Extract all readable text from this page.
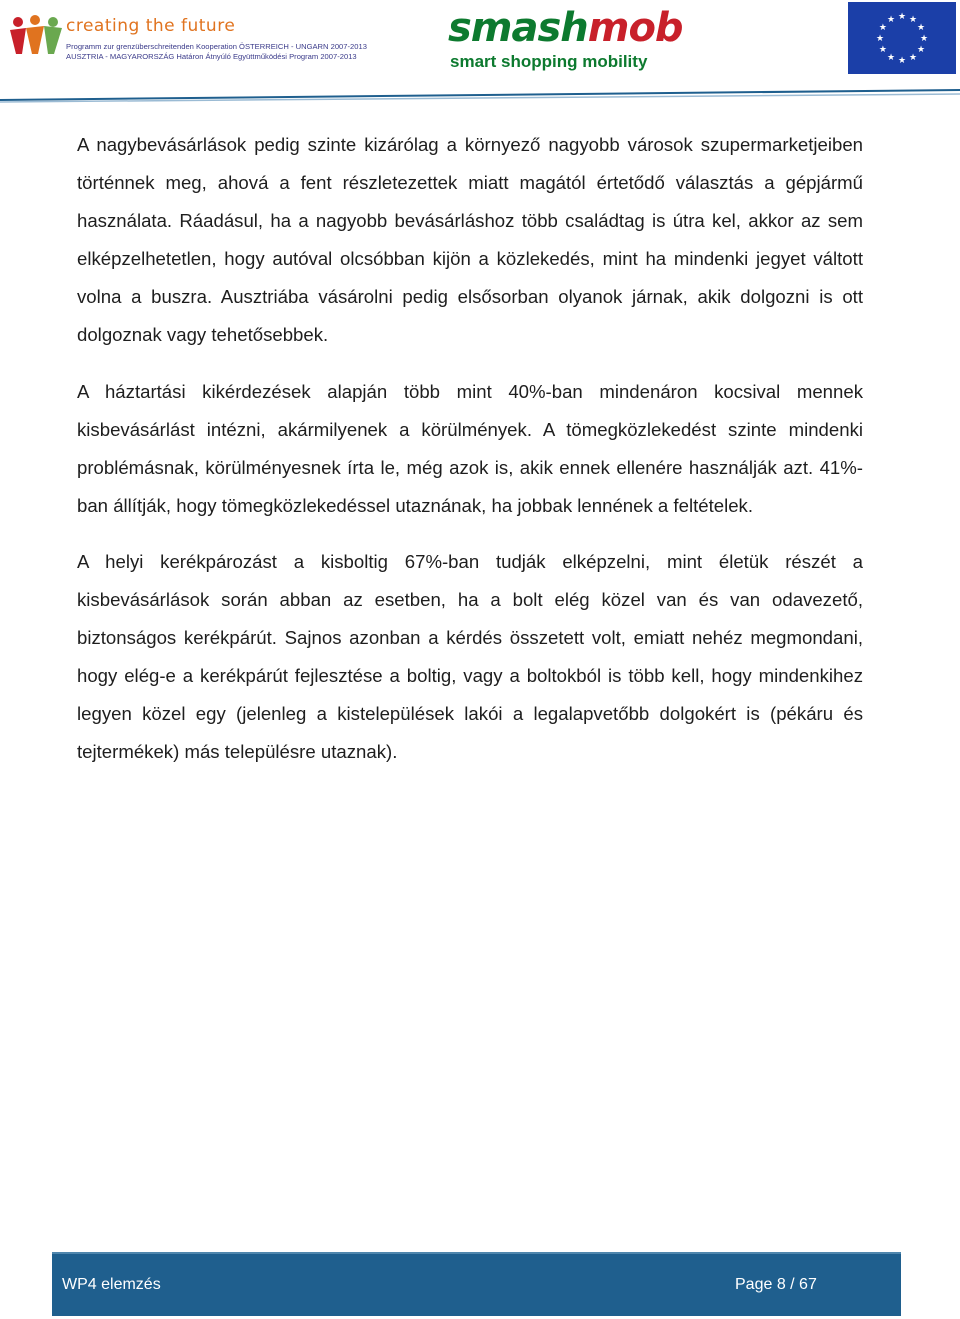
creating the future
Programm zur grenzüberschreitenden Kooperation ÖSTERREICH - UNGARN 2007-2013
AUSZTRIA - MAGYARORSZÁG Határon Átnyúló Együttműködési Program 2007-2013
smashmob
smart shopping mobility
★ ★
★
★
★
★
★
★
★
★
★
★

A nagybevásárlások pedig szinte kizárólag a környező nagyobb városok szupermarketjeiben történnek meg, ahová a fent részletezettek miatt magától értetődő választás a gépjármű használata. Ráadásul, ha a nagyobb bevásárláshoz több családtag is útra kel, akkor az sem elképzelhetetlen, hogy autóval olcsóbban kijön a közlekedés, mint ha mindenki jegyet váltott volna a buszra. Ausztriába vásárolni pedig elsősorban olyanok járnak, akik dolgozni is ott dolgoznak vagy tehetősebbek.

A háztartási kikérdezések alapján több mint 40%-ban mindenáron kocsival mennek kisbevásárlást intézni, akármilyenek a körülmények. A tömegközlekedést szinte mindenki problémásnak, körülményesnek írta le, még azok is, akik ennek ellenére használják azt. 41%-ban állítják, hogy tömegközlekedéssel utaznának, ha jobbak lennének a feltételek.

A helyi kerékpározást a kisboltig 67%-ban tudják elképzelni, mint életük részét a kisbevásárlások során abban az esetben, ha a bolt elég közel van és van odavezető, biztonságos kerékpárút. Sajnos azonban a kérdés összetett volt, emiatt nehéz megmondani, hogy elég-e a kerékpárút fejlesztése a boltig, vagy a boltokból is több kell, hogy mindenkihez legyen közel egy (jelenleg a kistelepülések lakói a legalapvetőbb dolgokért is (pékáru és tejtermékek) más településre utaznak).

WP4 elemzés	Page 8 / 67
